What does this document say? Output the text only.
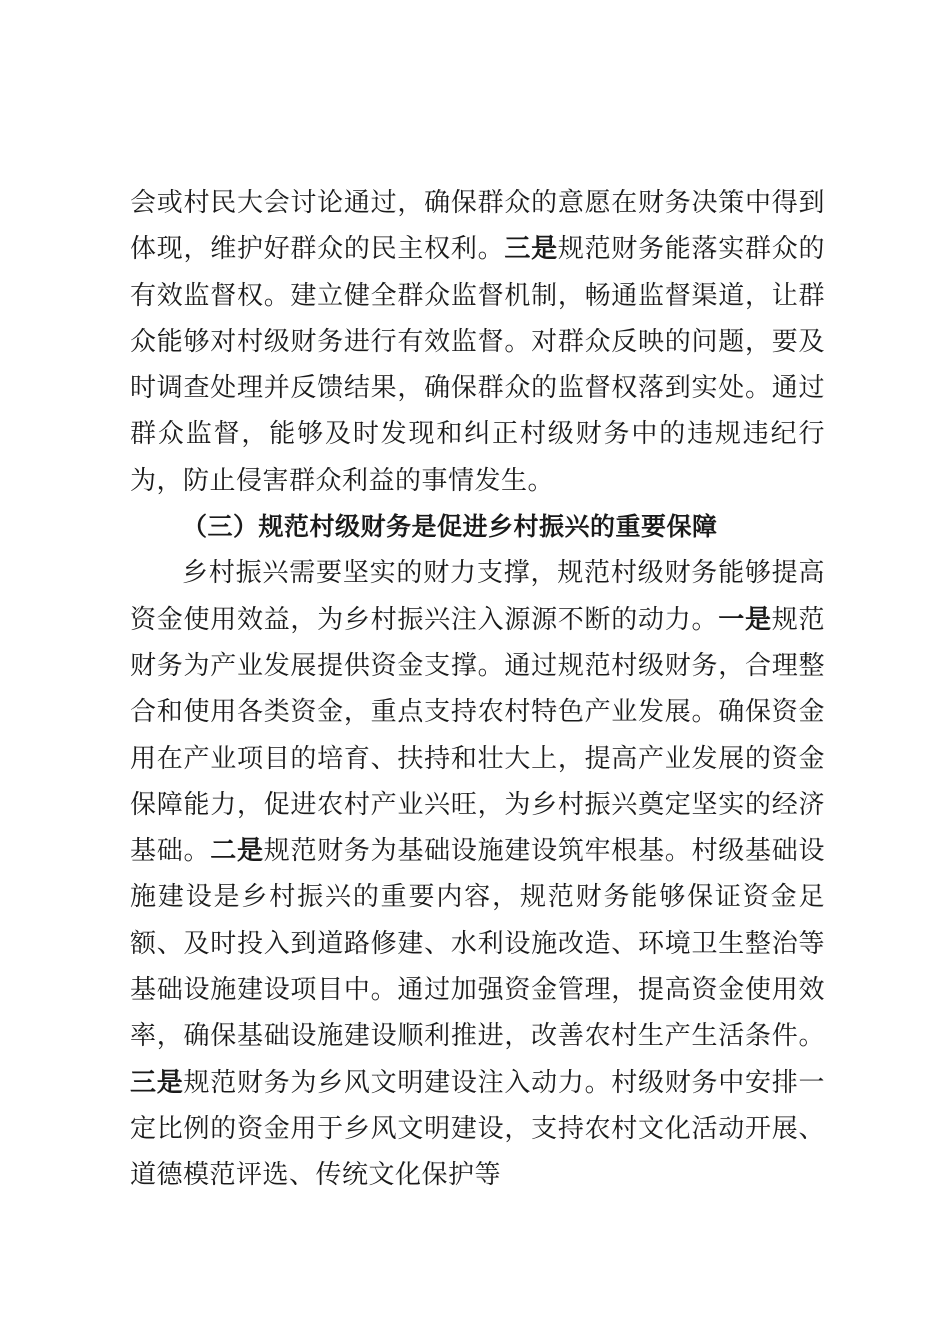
会或村民大会讨论通过，确保群众的意愿在财务决策中得到体现，维护好群众的民主权利。三是规范财务能落实群众的有效监督权。建立健全群众监督机制，畅通监督渠道，让群众能够对村级财务进行有效监督。对群众反映的问题，要及时调查处理并反馈结果，确保群众的监督权落到实处。通过群众监督，能够及时发现和纠正村级财务中的违规违纪行为，防止侵害群众利益的事情发生。

（三）规范村级财务是促进乡村振兴的重要保障

乡村振兴需要坚实的财力支撑，规范村级财务能够提高资金使用效益，为乡村振兴注入源源不断的动力。一是规范财务为产业发展提供资金支撑。通过规范村级财务，合理整合和使用各类资金，重点支持农村特色产业发展。确保资金用在产业项目的培育、扶持和壮大上，提高产业发展的资金保障能力，促进农村产业兴旺，为乡村振兴奠定坚实的经济基础。二是规范财务为基础设施建设筑牢根基。村级基础设施建设是乡村振兴的重要内容，规范财务能够保证资金足额、及时投入到道路修建、水利设施改造、环境卫生整治等基础设施建设项目中。通过加强资金管理，提高资金使用效率，确保基础设施建设顺利推进，改善农村生产生活条件。三是规范财务为乡风文明建设注入动力。村级财务中安排一定比例的资金用于乡风文明建设，支持农村文化活动开展、道德模范评选、传统文化保护等
